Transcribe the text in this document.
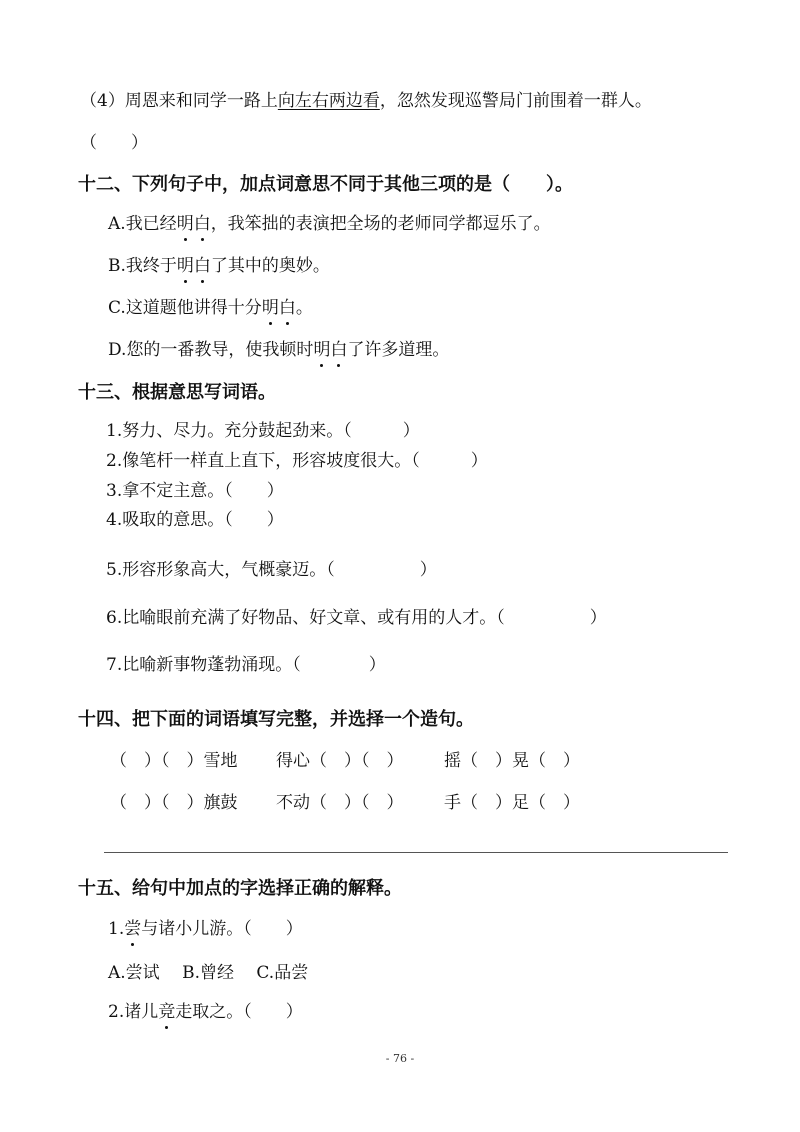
（4）周恩来和同学一路上向左右两边看，忽然发现巡警局门前围着一群人。
（　　）
十二、下列句子中，加点词意思不同于其他三项的是（　　）。
A.我已经明白，我笨拙的表演把全场的老师同学都逗乐了。
B.我终于明白了其中的奥妙。
C.这道题他讲得十分明白。
D.您的一番教导，使我顿时明白了许多道理。
十三、根据意思写词语。
1.努力、尽力。充分鼓起劲来。（　　　）
2.像笔杆一样直上直下，形容坡度很大。（　　　）
3.拿不定主意。（　　）
4.吸取的意思。（　　）
5.形容形象高大，气概豪迈。（　　　　　）
6.比喻眼前充满了好物品、好文章、或有用的人才。（　　　　　）
7.比喻新事物蓬勃涌现。（　　　　）
十四、把下面的词语填写完整，并选择一个造句。
（　）（　）雪地 得心（　）（　） 摇（　）晃（　）
（　）（　）旗鼓 不动（　）（　） 手（　）足（　）
十五、给句中加点的字选择正确的解释。
1.尝与诸小儿游。（　　）
A.尝试　 B.曾经　 C.品尝
2.诸儿竞走取之。（　　）
- 76 -
